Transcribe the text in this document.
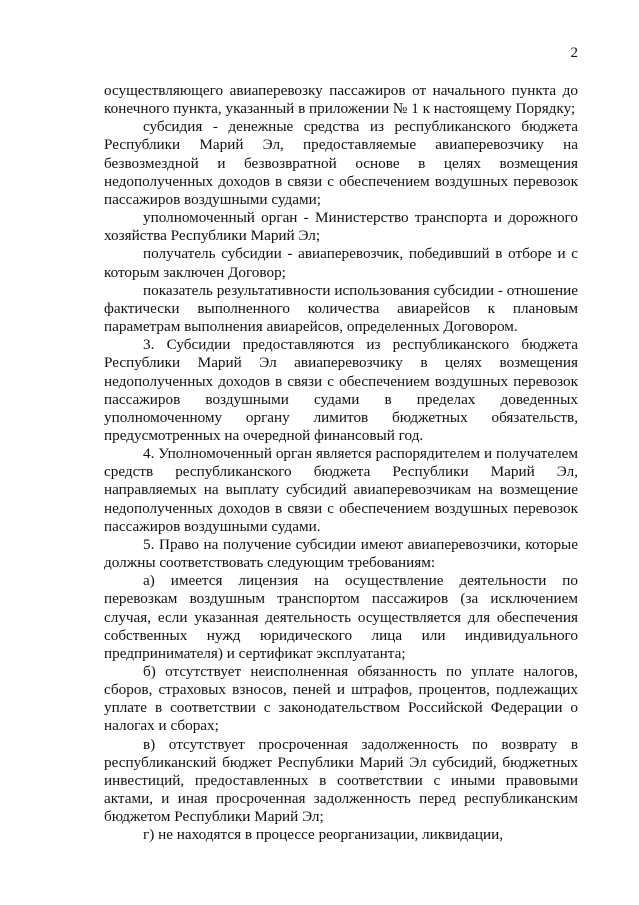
2

осуществляющего авиаперевозку пассажиров от начального пункта до конечного пункта, указанный в приложении № 1 к настоящему Порядку;

субсидия - денежные средства из республиканского бюджета Республики Марий Эл, предоставляемые авиаперевозчику на безвозмездной и безвозвратной основе в целях возмещения недополученных доходов в связи с обеспечением воздушных перевозок пассажиров воздушными судами;

уполномоченный орган - Министерство транспорта и дорожного хозяйства Республики Марий Эл;

получатель субсидии - авиаперевозчик, победивший в отборе и с которым заключен Договор;

показатель результативности использования субсидии - отношение фактически выполненного количества авиарейсов к плановым параметрам выполнения авиарейсов, определенных Договором.

3. Субсидии предоставляются из республиканского бюджета Республики Марий Эл авиаперевозчику в целях возмещения недополученных доходов в связи с обеспечением воздушных перевозок пассажиров воздушными судами в пределах доведенных уполномоченному органу лимитов бюджетных обязательств, предусмотренных на очередной финансовый год.

4. Уполномоченный орган является распорядителем и получателем средств республиканского бюджета Республики Марий Эл, направляемых на выплату субсидий авиаперевозчикам на возмещение недополученных доходов в связи с обеспечением воздушных перевозок пассажиров воздушными судами.

5. Право на получение субсидии имеют авиаперевозчики, которые должны соответствовать следующим требованиям:

а) имеется лицензия на осуществление деятельности по перевозкам воздушным транспортом пассажиров (за исключением случая, если указанная деятельность осуществляется для обеспечения собственных нужд юридического лица или индивидуального предпринимателя) и сертификат эксплуатанта;

б) отсутствует неисполненная обязанность по уплате налогов, сборов, страховых взносов, пеней и штрафов, процентов, подлежащих уплате в соответствии с законодательством Российской Федерации о налогах и сборах;

в) отсутствует просроченная задолженность по возврату в республиканский бюджет Республики Марий Эл субсидий, бюджетных инвестиций, предоставленных в соответствии с иными правовыми актами, и иная просроченная задолженность перед республиканским бюджетом Республики Марий Эл;

г) не находятся в процессе реорганизации, ликвидации,
